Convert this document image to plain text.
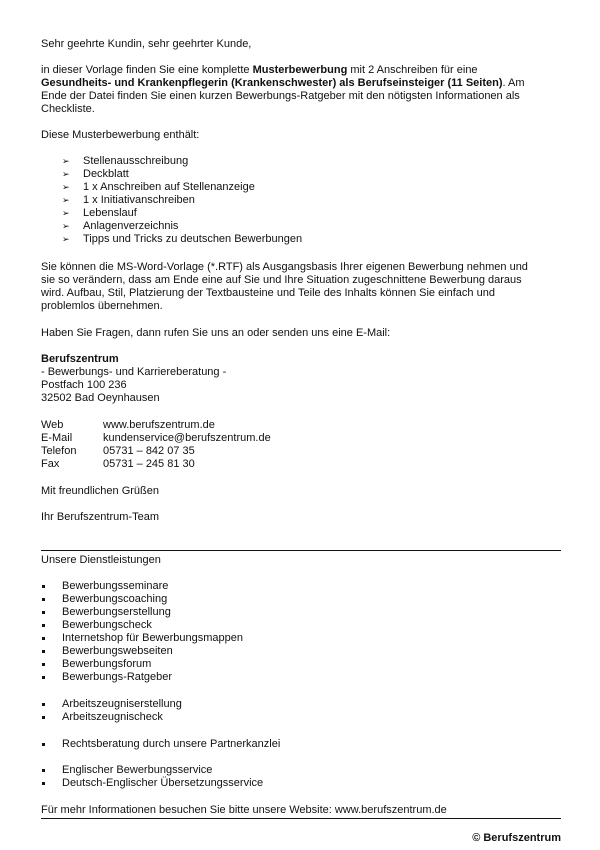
Sehr geehrte Kundin, sehr geehrter Kunde,
in dieser Vorlage finden Sie eine komplette Musterbewerbung mit 2 Anschreiben für eine
Gesundheits- und Krankenpflegerin (Krankenschwester) als Berufseinsteiger (11 Seiten). Am
Ende der Datei finden Sie einen kurzen Bewerbungs-Ratgeber mit den nötigsten Informationen als
Checkliste.
Diese Musterbewerbung enthält:
➢ Stellenausschreibung
➢ Deckblatt
➢ 1 x Anschreiben auf Stellenanzeige
➢ 1 x Initiativanschreiben
➢ Lebenslauf
➢ Anlagenverzeichnis
➢ Tipps und Tricks zu deutschen Bewerbungen
Sie können die MS-Word-Vorlage (*.RTF) als Ausgangsbasis Ihrer eigenen Bewerbung nehmen und
sie so verändern, dass am Ende eine auf Sie und Ihre Situation zugeschnittene Bewerbung daraus
wird. Aufbau, Stil, Platzierung der Textbausteine und Teile des Inhalts können Sie einfach und
problemlos übernehmen.
Haben Sie Fragen, dann rufen Sie uns an oder senden uns eine E-Mail:
Berufszentrum
- Bewerbungs- und Karriereberatung -
Postfach 100 236
32502 Bad Oeynhausen
Web	www.berufszentrum.de
E-Mail	kundenservice@berufszentrum.de
Telefon 05731 – 842 07 35
Fax	05731 – 245 81 30
Mit freundlichen Grüßen
Ihr Berufszentrum-Team
Unsere Dienstleistungen
Bewerbungsseminare
Bewerbungscoaching
Bewerbungserstellung
Bewerbungscheck
Internetshop für Bewerbungsmappen
Bewerbungswebseiten
Bewerbungsforum
Bewerbungs-Ratgeber
Arbeitszeugniserstellung
Arbeitszeugnischeck
Rechtsberatung durch unsere Partnerkanzlei
Englischer Bewerbungsservice
Deutsch-Englischer Übersetzungsservice
Für mehr Informationen besuchen Sie bitte unsere Website: www.berufszentrum.de
© Berufszentrum
